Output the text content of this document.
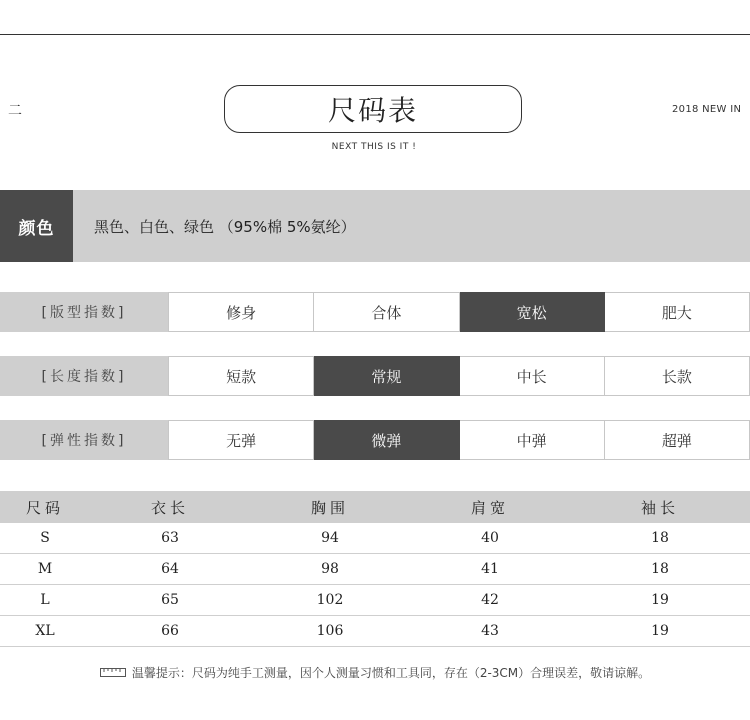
二	尺码表
NEXT THIS IS IT !
2018 NEW IN
颜色	黑色、白色、绿色 （95%棉 5%氨纶）
[版型指数]	修身	合体	宽松	肥大
[长度指数]	短款	常规	中长	长款
[弹性指数]	无弹	微弹	中弹	超弹
尺码	衣长	胸围	肩宽	袖长
S	63	94	40	18
M	64	98	41	18
L	65	102	42	19
XL	66	106	43	19
温馨提示：尺码为纯手工测量，因个人测量习惯和工具同，存在（2-3CM）合理误差，敬请谅解。
